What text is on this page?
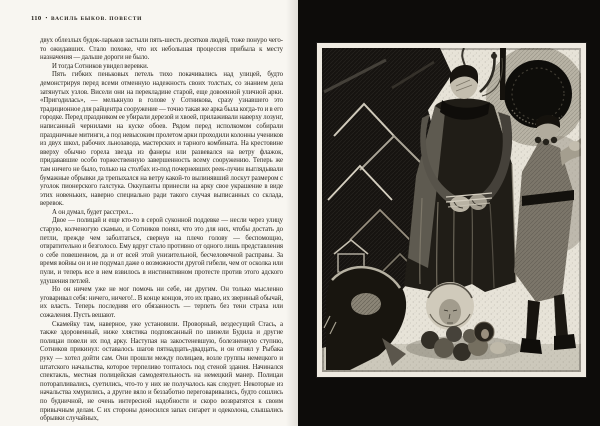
110 ▪ ВАСИЛЬ БЫКОВ. ПОВЕСТИ

двух облезлых будок-ларьков застыли пять-шесть десятков людей, тоже понуро чего-то ожидавших. Стало похоже, что их небольшая процессия прибыла к месту назначения — дальше дороги не было.

И тогда Сотников увидел веревки.

Пять гибких пеньковых петель тихо покачивались над улицей, будто демонстрируя перед всеми отменную надежность своих толстых, со знанием дела затянутых узлов. Висели они на перекладине старой, еще довоенной уличной арки. «Пригодилась», — мелькнуло в голове у Сотникова, сразу узнавшего это традиционное для райцентра сооружение — точно такая же арка была когда-то и в его городке. Перед праздником ее убирали дерезой и хвоей, прилаживали наверху лозунг, написанный чернилами на куске обоев. Рядом перед исполкомом собирали праздничные митинги, а под невысоким пролетом арки проходили колонны учеников из двух школ, рабочих льнозавода, мастерских и тарного комбината. На крестовине вверху обычно горела звезда из фанеры или развевался на ветру флажок, придававшие особо торжественную завершенность всему сооружению. Теперь же там ничего не было, только на столбах из-под почерневших реек-лучин выглядывали бумажные обрывки да трепыхался на ветру какой-то вылинявший лоскут размером с уголок пионерского галстука. Оккупанты принесли на арку свое украшение в виде этих новеньких, наверно специально ради такого случая выписанных со склада, веревок.

А он думал, будет расстрел...

Двое — полицай и еще кто-то в серой суконной поддевке — несли через улицу старую, колченогую скамью, и Сотников понял, что это для них, чтобы достать до петли, прежде чем заболтаться, свернув на плечо голову — беспомощно, отвратительно и безголосо. Ему вдруг стало противно от одного лишь представления о себе повешенном, да и от всей этой унизительной, бесчеловечной расправы. За время войны он и не подумал даже о возможности другой гибели, чем от осколка или пули, и теперь все в нем взвилось в инстинктивном протесте против этого адского удушения петлей.

Но он ничем уже не мог помочь ни себе, ни другим. Он только мысленно уговаривал себя: ничего, ничего!.. В конце концов, это их право, их звериный обычай, их власть. Теперь последняя его обязанность — терпеть без тени страха или сожаления. Пусть вешают.

Скамейку там, наверное, уже установили. Проворный, вездесущий Стась, а также здоровенный, ниже хлястика подпоясанный по шинели Будила и другие полицаи повели их под арку. Наступая на закостеневшую, болезненную ступню, Сотников прикинул: оставалось шагов пятнадцать-двадцать, и он отнял у Рыбака руку — хотел дойти сам. Они прошли между полицаев, возле группы немецкого и штатского начальства, которое терпеливо топталось под стеной здания. Начинался спектакль, местная полицейская самодеятельность на немецкий манер. Полицаи поторапливались, суетились, что-то у них не получалось как следует. Некоторые из начальства хмурились, а другие вяло и беззаботно переговаривались, будто сошлись по будничной, не очень интересной надобности и скоро возвратятся к своим привычным делам. С их стороны доносился запах сигарет и одеколона, слышались обрывки случайных,
